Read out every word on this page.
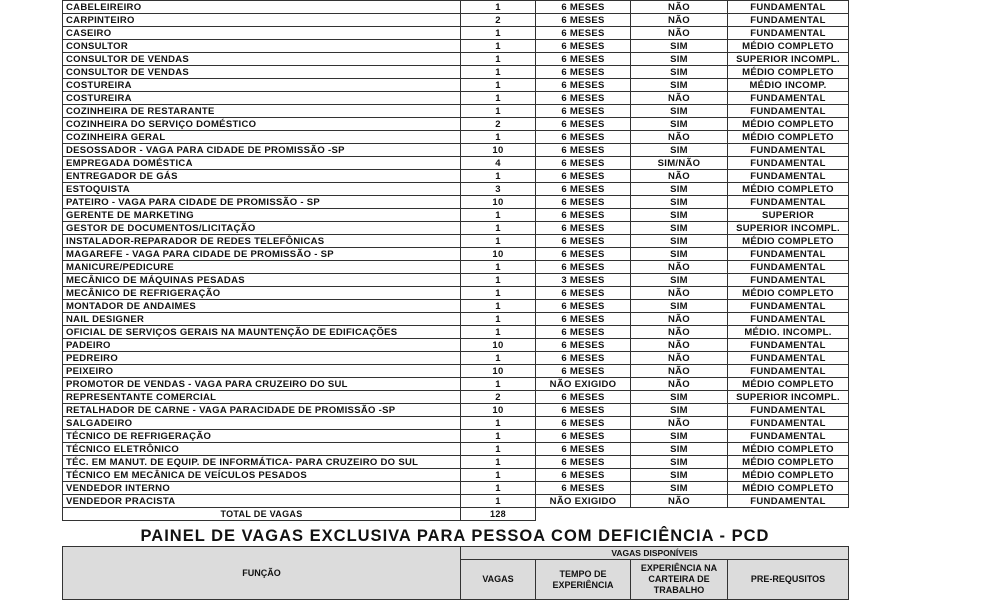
CABELEIREIRO	1	6 MESES	NÃO	FUNDAMENTAL
CARPINTEIRO	2	6 MESES	NÃO	FUNDAMENTAL
CASEIRO	1	6 MESES	NÃO	FUNDAMENTAL
CONSULTOR	1	6 MESES	SIM	MÉDIO COMPLETO
CONSULTOR DE VENDAS	1	6 MESES	SIM	SUPERIOR INCOMPL.
CONSULTOR DE VENDAS	1	6 MESES	SIM	MÉDIO COMPLETO
COSTUREIRA	1	6 MESES	SIM	MÉDIO INCOMP.
COSTUREIRA	1	6 MESES	NÃO	FUNDAMENTAL
COZINHEIRA DE RESTARANTE	1	6 MESES	SIM	FUNDAMENTAL
COZINHEIRA DO SERVIÇO DOMÉSTICO	2	6 MESES	SIM	MÉDIO COMPLETO
COZINHEIRA GERAL	1	6 MESES	NÃO	MÉDIO COMPLETO
DESOSSADOR - VAGA PARA CIDADE DE PROMISSÃO -SP	10	6 MESES	SIM	FUNDAMENTAL
EMPREGADA DOMÉSTICA	4	6 MESES	SIM/NÃO	FUNDAMENTAL
ENTREGADOR DE GÁS	1	6 MESES	NÃO	FUNDAMENTAL
ESTOQUISTA	3	6 MESES	SIM	MÉDIO COMPLETO
PATEIRO - VAGA PARA CIDADE DE PROMISSÃO - SP	10	6 MESES	SIM	FUNDAMENTAL
GERENTE DE MARKETING	1	6 MESES	SIM	SUPERIOR
GESTOR DE DOCUMENTOS/LICITAÇÃO	1	6 MESES	SIM	SUPERIOR INCOMPL.
INSTALADOR-REPARADOR DE REDES TELEFÔNICAS	1	6 MESES	SIM	MÉDIO COMPLETO
MAGAREFE - VAGA PARA CIDADE DE PROMISSÃO - SP	10	6 MESES	SIM	FUNDAMENTAL
MANICURE/PEDICURE	1	6 MESES	NÃO	FUNDAMENTAL
MECÂNICO DE MÁQUINAS PESADAS	1	3 MESES	SIM	FUNDAMENTAL
MECÂNICO DE REFRIGERAÇÃO	1	6 MESES	NÃO	MÉDIO COMPLETO
MONTADOR DE ANDAIMES	1	6 MESES	SIM	FUNDAMENTAL
NAIL DESIGNER	1	6 MESES	NÃO	FUNDAMENTAL
OFICIAL DE SERVIÇOS GERAIS NA MAUNTENÇÃO DE EDIFICAÇÕES	1	6 MESES	NÃO	MÉDIO. INCOMPL.
PADEIRO	10	6 MESES	NÃO	FUNDAMENTAL
PEDREIRO	1	6 MESES	NÃO	FUNDAMENTAL
PEIXEIRO	10	6 MESES	NÃO	FUNDAMENTAL
PROMOTOR DE VENDAS - VAGA PARA CRUZEIRO DO SUL	1	NÃO EXIGIDO	NÃO	MÉDIO COMPLETO
REPRESENTANTE COMERCIAL	2	6 MESES	SIM	SUPERIOR INCOMPL.
RETALHADOR DE CARNE - VAGA PARACIDADE DE PROMISSÃO -SP	10	6 MESES	SIM	FUNDAMENTAL
SALGADEIRO	1	6 MESES	NÃO	FUNDAMENTAL
TÉCNICO DE REFRIGERAÇÃO	1	6 MESES	SIM	FUNDAMENTAL
TÉCNICO ELETRÔNICO	1	6 MESES	SIM	MÉDIO COMPLETO
TÉC. EM MANUT. DE EQUIP. DE INFORMÁTICA- PARA CRUZEIRO DO SUL	1	6 MESES	SIM	MÉDIO COMPLETO
TÉCNICO EM MECÂNICA DE VEÍCULOS PESADOS	1	6 MESES	SIM	MÉDIO COMPLETO
VENDEDOR INTERNO	1	6 MESES	SIM	MÉDIO COMPLETO
VENDEDOR PRACISTA	1	NÃO EXIGIDO	NÃO	FUNDAMENTAL
TOTAL DE VAGAS	128			
PAINEL DE VAGAS EXCLUSIVA PARA PESSOA COM DEFICIÊNCIA - PCD
FUNÇÃO	VAGAS DISPONÍVEIS			
	VAGAS	TEMPO DE EXPERIÊNCIA	EXPERIÊNCIA NA CARTEIRA DE TRABALHO	PRE-REQUSITOS
